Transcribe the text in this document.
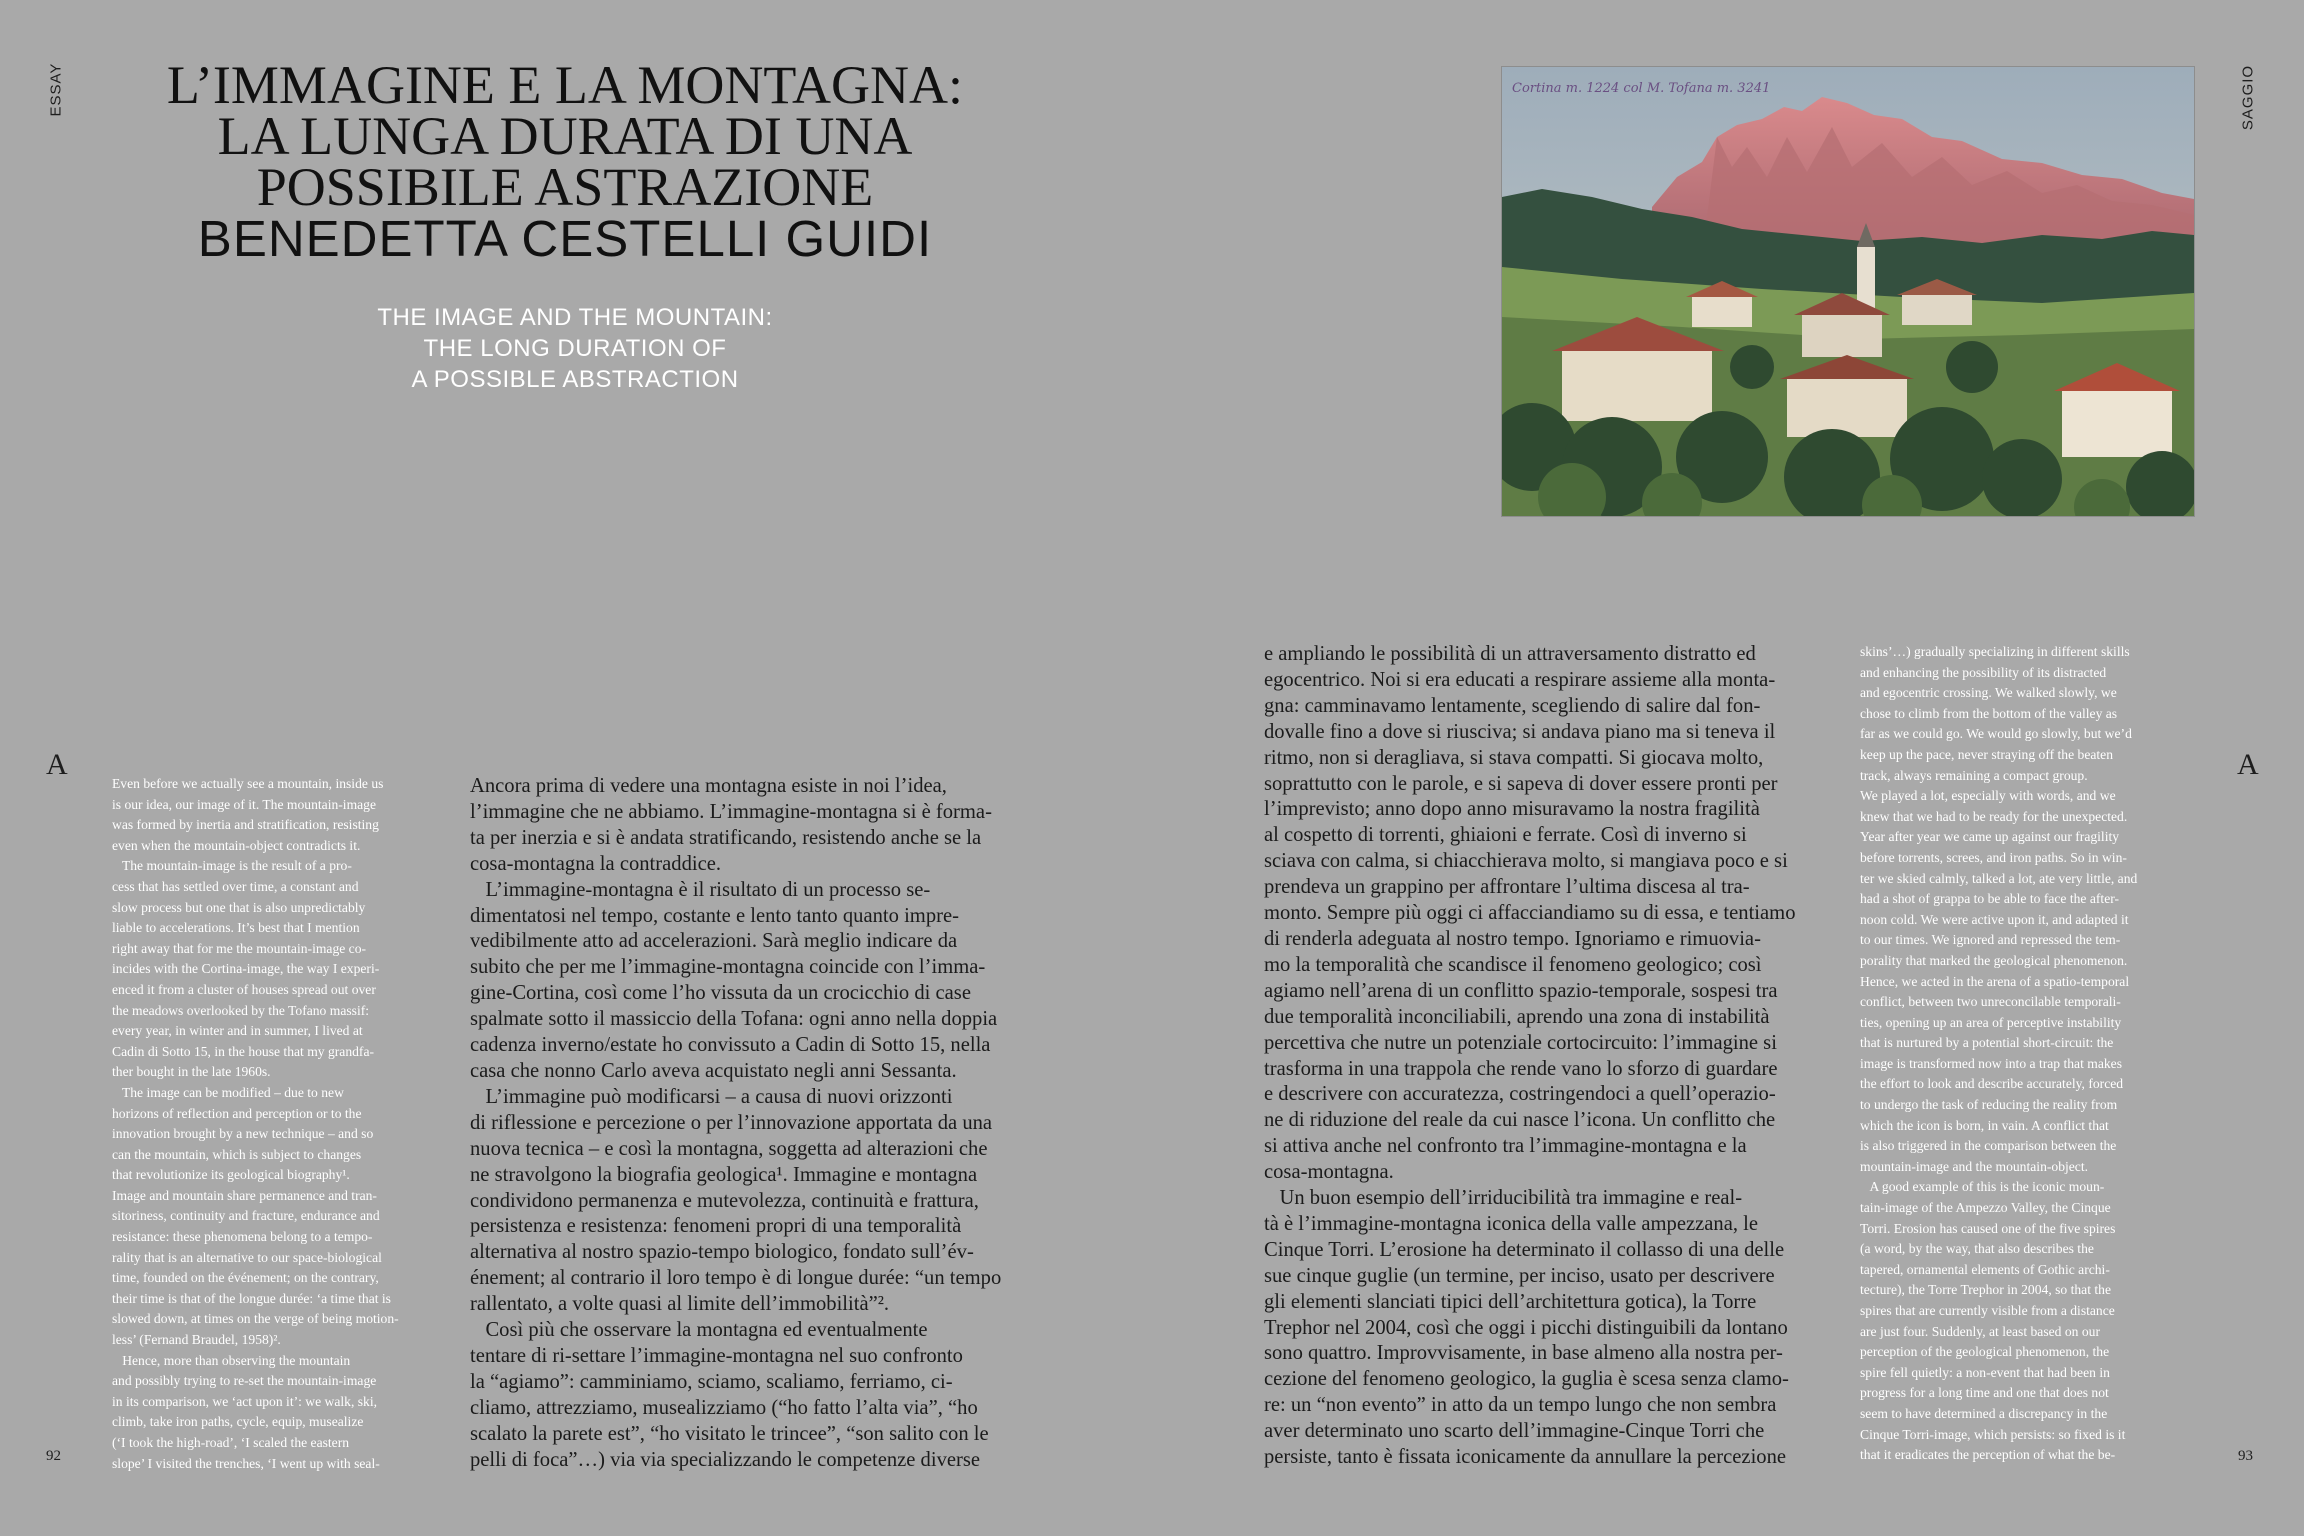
ESSAY	SAGGIO
L’IMMAGINE E LA MONTAGNA:
LA LUNGA DURATA DI UNA
POSSIBILE ASTRAZIONE
BENEDETTA CESTELLI GUIDI
THE IMAGE AND THE MOUNTAIN:
THE LONG DURATION OF
A POSSIBLE ABSTRACTION
Cortina m. 1224 col M. Tofana m. 3241
A	A
92	93
Even before we actually see a mountain, inside us
is our idea, our image of it. The mountain-image
was formed by inertia and stratification, resisting
even when the mountain-object contradicts it.
The mountain-image is the result of a pro-
cess that has settled over time, a constant and
slow process but one that is also unpredictably
liable to accelerations. It’s best that I mention
right away that for me the mountain-image co-
incides with the Cortina-image, the way I experi-
enced it from a cluster of houses spread out over
the meadows overlooked by the Tofano massif:
every year, in winter and in summer, I lived at
Cadin di Sotto 15, in the house that my grandfa-
ther bought in the late 1960s.
The image can be modified – due to new
horizons of reflection and perception or to the
innovation brought by a new technique – and so
can the mountain, which is subject to changes
that revolutionize its geological biography¹.
Image and mountain share permanence and tran-
sitoriness, continuity and fracture, endurance and
resistance: these phenomena belong to a tempo-
rality that is an alternative to our space-biological
time, founded on the événement; on the contrary,
their time is that of the longue durée: ‘a time that is
slowed down, at times on the verge of being motion-
less’ (Fernand Braudel, 1958)².
Hence, more than observing the mountain
and possibly trying to re-set the mountain-image
in its comparison, we ‘act upon it’: we walk, ski,
climb, take iron paths, cycle, equip, musealize
(‘I took the high-road’, ‘I scaled the eastern
slope’ I visited the trenches, ‘I went up with seal-
Ancora prima di vedere una montagna esiste in noi l’idea,
l’immagine che ne abbiamo. L’immagine-montagna si è forma-
ta per inerzia e si è andata stratificando, resistendo anche se la
cosa-montagna la contraddice.
L’immagine-montagna è il risultato di un processo se-
dimentatosi nel tempo, costante e lento tanto quanto impre-
vedibilmente atto ad accelerazioni. Sarà meglio indicare da
subito che per me l’immagine-montagna coincide con l’imma-
gine-Cortina, così come l’ho vissuta da un crocicchio di case
spalmate sotto il massiccio della Tofana: ogni anno nella doppia
cadenza inverno/estate ho convissuto a Cadin di Sotto 15, nella
casa che nonno Carlo aveva acquistato negli anni Sessanta.
L’immagine può modificarsi – a causa di nuovi orizzonti
di riflessione e percezione o per l’innovazione apportata da una
nuova tecnica – e così la montagna, soggetta ad alterazioni che
ne stravolgono la biografia geologica¹. Immagine e montagna
condividono permanenza e mutevolezza, continuità e frattura,
persistenza e resistenza: fenomeni propri di una temporalità
alternativa al nostro spazio-tempo biologico, fondato sull’év-
énement; al contrario il loro tempo è di longue durée: “un tempo
rallentato, a volte quasi al limite dell’immobilità”².
Così più che osservare la montagna ed eventualmente
tentare di ri-settare l’immagine-montagna nel suo confronto
la “agiamo”: camminiamo, sciamo, scaliamo, ferriamo, ci-
cliamo, attrezziamo, musealizziamo (“ho fatto l’alta via”, “ho
scalato la parete est”, “ho visitato le trincee”, “son salito con le
pelli di foca”…) via via specializzando le competenze diverse
e ampliando le possibilità di un attraversamento distratto ed
egocentrico. Noi si era educati a respirare assieme alla monta-
gna: camminavamo lentamente, scegliendo di salire dal fon-
dovalle fino a dove si riusciva; si andava piano ma si teneva il
ritmo, non si deragliava, si stava compatti. Si giocava molto,
soprattutto con le parole, e si sapeva di dover essere pronti per
l’imprevisto; anno dopo anno misuravamo la nostra fragilità
al cospetto di torrenti, ghiaioni e ferrate. Così di inverno si
sciava con calma, si chiacchierava molto, si mangiava poco e si
prendeva un grappino per affrontare l’ultima discesa al tra-
monto. Sempre più oggi ci affacciandiamo su di essa, e tentiamo
di renderla adeguata al nostro tempo. Ignoriamo e rimuovia-
mo la temporalità che scandisce il fenomeno geologico; così
agiamo nell’arena di un conflitto spazio-temporale, sospesi tra
due temporalità inconciliabili, aprendo una zona di instabilità
percettiva che nutre un potenziale cortocircuito: l’immagine si
trasforma in una trappola che rende vano lo sforzo di guardare
e descrivere con accuratezza, costringendoci a quell’operazio-
ne di riduzione del reale da cui nasce l’icona. Un conflitto che
si attiva anche nel confronto tra l’immagine-montagna e la
cosa-montagna.
Un buon esempio dell’irriducibilità tra immagine e real-
tà è l’immagine-montagna iconica della valle ampezzana, le
Cinque Torri. L’erosione ha determinato il collasso di una delle
sue cinque guglie (un termine, per inciso, usato per descrivere
gli elementi slanciati tipici dell’architettura gotica), la Torre
Trephor nel 2004, così che oggi i picchi distinguibili da lontano
sono quattro. Improvvisamente, in base almeno alla nostra per-
cezione del fenomeno geologico, la guglia è scesa senza clamo-
re: un “non evento” in atto da un tempo lungo che non sembra
aver determinato uno scarto dell’immagine-Cinque Torri che
persiste, tanto è fissata iconicamente da annullare la percezione
skins’…) gradually specializing in different skills
and enhancing the possibility of its distracted
and egocentric crossing. We walked slowly, we
chose to climb from the bottom of the valley as
far as we could go. We would go slowly, but we’d
keep up the pace, never straying off the beaten
track, always remaining a compact group.
We played a lot, especially with words, and we
knew that we had to be ready for the unexpected.
Year after year we came up against our fragility
before torrents, screes, and iron paths. So in win-
ter we skied calmly, talked a lot, ate very little, and
had a shot of grappa to be able to face the after-
noon cold. We were active upon it, and adapted it
to our times. We ignored and repressed the tem-
porality that marked the geological phenomenon.
Hence, we acted in the arena of a spatio-temporal
conflict, between two unreconcilable temporali-
ties, opening up an area of perceptive instability
that is nurtured by a potential short-circuit: the
image is transformed now into a trap that makes
the effort to look and describe accurately, forced
to undergo the task of reducing the reality from
which the icon is born, in vain. A conflict that
is also triggered in the comparison between the
mountain-image and the mountain-object.
A good example of this is the iconic moun-
tain-image of the Ampezzo Valley, the Cinque
Torri. Erosion has caused one of the five spires
(a word, by the way, that also describes the
tapered, ornamental elements of Gothic archi-
tecture), the Torre Trephor in 2004, so that the
spires that are currently visible from a distance
are just four. Suddenly, at least based on our
perception of the geological phenomenon, the
spire fell quietly: a non-event that had been in
progress for a long time and one that does not
seem to have determined a discrepancy in the
Cinque Torri-image, which persists: so fixed is it
that it eradicates the perception of what the be-
